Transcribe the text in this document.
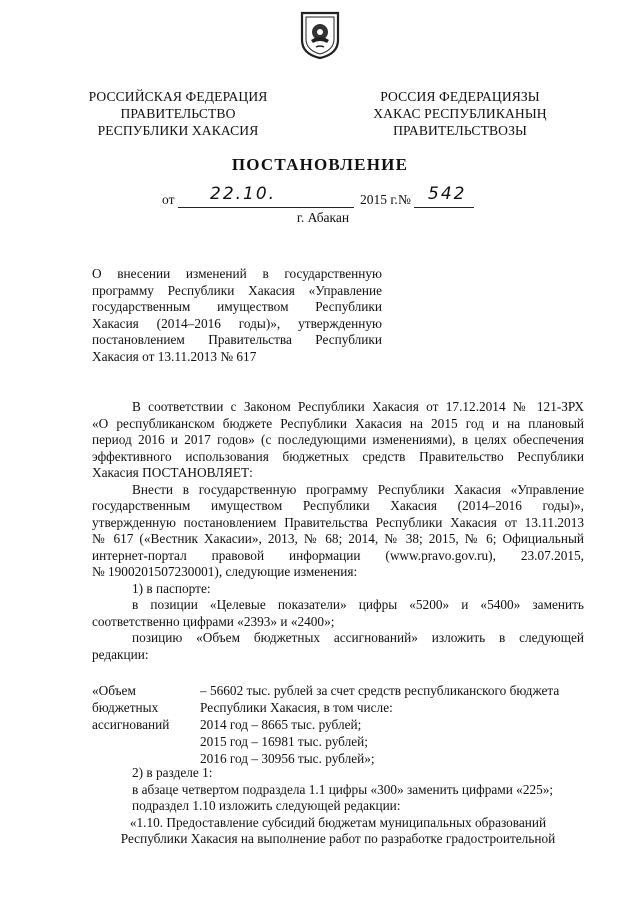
РОССИЙСКАЯ ФЕДЕРАЦИЯ
ПРАВИТЕЛЬСТВО
РЕСПУБЛИКИ ХАКАСИЯ
РОССИЯ ФЕДЕРАЦИЯЗЫ
ХАКАС РЕСПУБЛИКАНЫҢ
ПРАВИТЕЛЬСТВОЗЫ
ПОСТАНОВЛЕНИЕ
от 22.10.	2015 г. № 542
г. Абакан
О внесении изменений в государственную
программу Республики Хакасия «Управление
государственным имуществом Республики
Хакасия (2014–2016 годы)», утвержденную
постановлением Правительства Республики
Хакасия от 13.11.2013 № 617
В соответствии с Законом Республики Хакасия от 17.12.2014 № 121-ЗРХ
«О республиканском бюджете Республики Хакасия на 2015 год и на плановый
период 2016 и 2017 годов» (с последующими изменениями), в целях обеспечения
эффективного использования бюджетных средств Правительство Республики
Хакасия ПОСТАНОВЛЯЕТ:
Внести в государственную программу Республики Хакасия «Управление
государственным имуществом Республики Хакасия (2014–2016 годы)»,
утвержденную постановлением Правительства Республики Хакасия от 13.11.2013
№ 617 («Вестник Хакасии», 2013, № 68; 2014, № 38; 2015, № 6; Официальный
интернет-портал правовой информации (www.pravo.gov.ru), 23.07.2015,
№ 1900201507230001), следующие изменения:
1) в паспорте:
в позиции «Целевые показатели» цифры «5200» и «5400» заменить
соответственно цифрами «2393» и «2400»;
позицию «Объем бюджетных ассигнований» изложить в следующей
редакции:
«Объем
бюджетных
ассигнований
– 56602 тыс. рублей за счет средств республиканского бюджета
Республики Хакасия, в том числе:
2014 год – 8665 тыс. рублей;
2015 год – 16981 тыс. рублей;
2016 год – 30956 тыс. рублей»;
2) в разделе 1:
в абзаце четвертом подраздела 1.1 цифры «300» заменить цифрами «225»;
подраздел 1.10 изложить следующей редакции:
«1.10. Предоставление субсидий бюджетам муниципальных образований
Республики Хакасия на выполнение работ по разработке градостроительной
